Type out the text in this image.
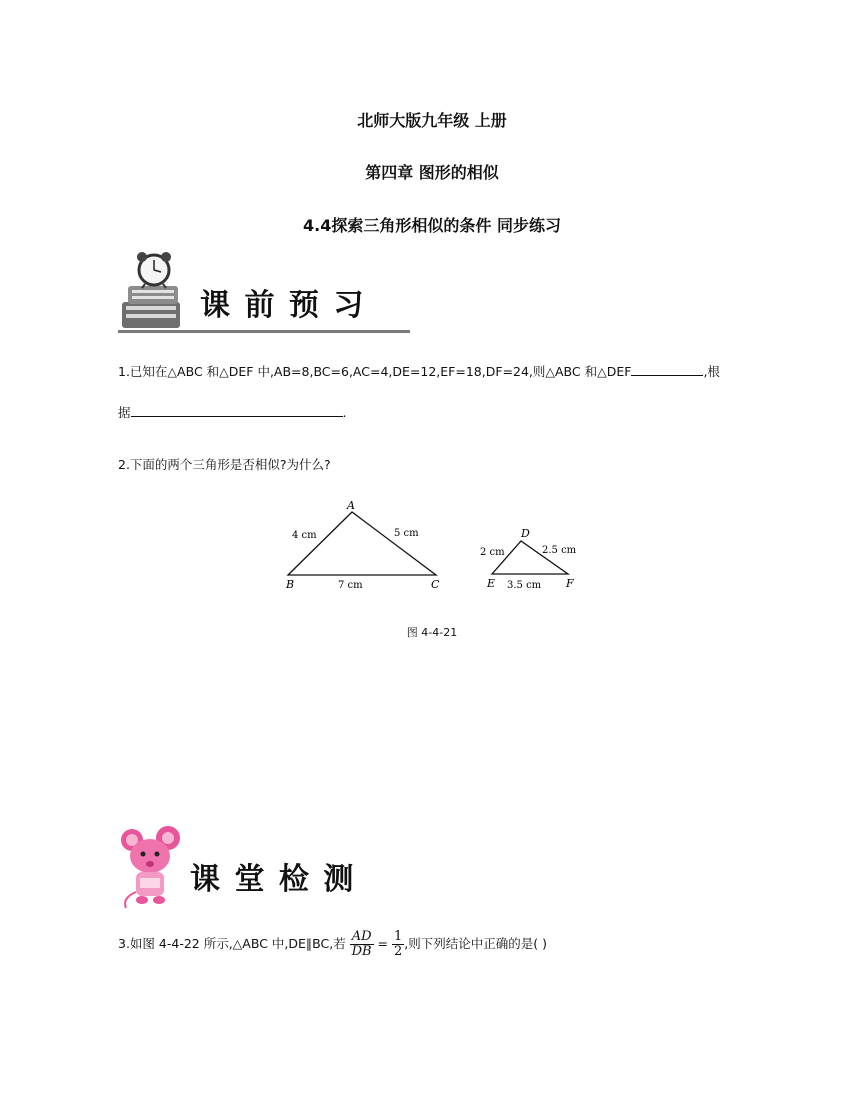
北师大版九年级 上册
第四章 图形的相似
4.4探索三角形相似的条件 同步练习
课 前 预 习
1.已知在△ABC 和△DEF 中,AB=8,BC=6,AC=4,DE=12,EF=18,DF=24,则△ABC 和△DEF	,根
据	.
2.下面的两个三角形是否相似?为什么?
A
B	C
4 cm	5 cm
7 cm
D
E	F
2 cm	2.5 cm
3.5 cm
图 4-4-21
课 堂 检 测
3.如图 4-4-22 所示,△ABC 中,DE∥BC,若 $\frac{AD}{DB} = \frac{1}{2}$ ,则下列结论中正确的是( )
